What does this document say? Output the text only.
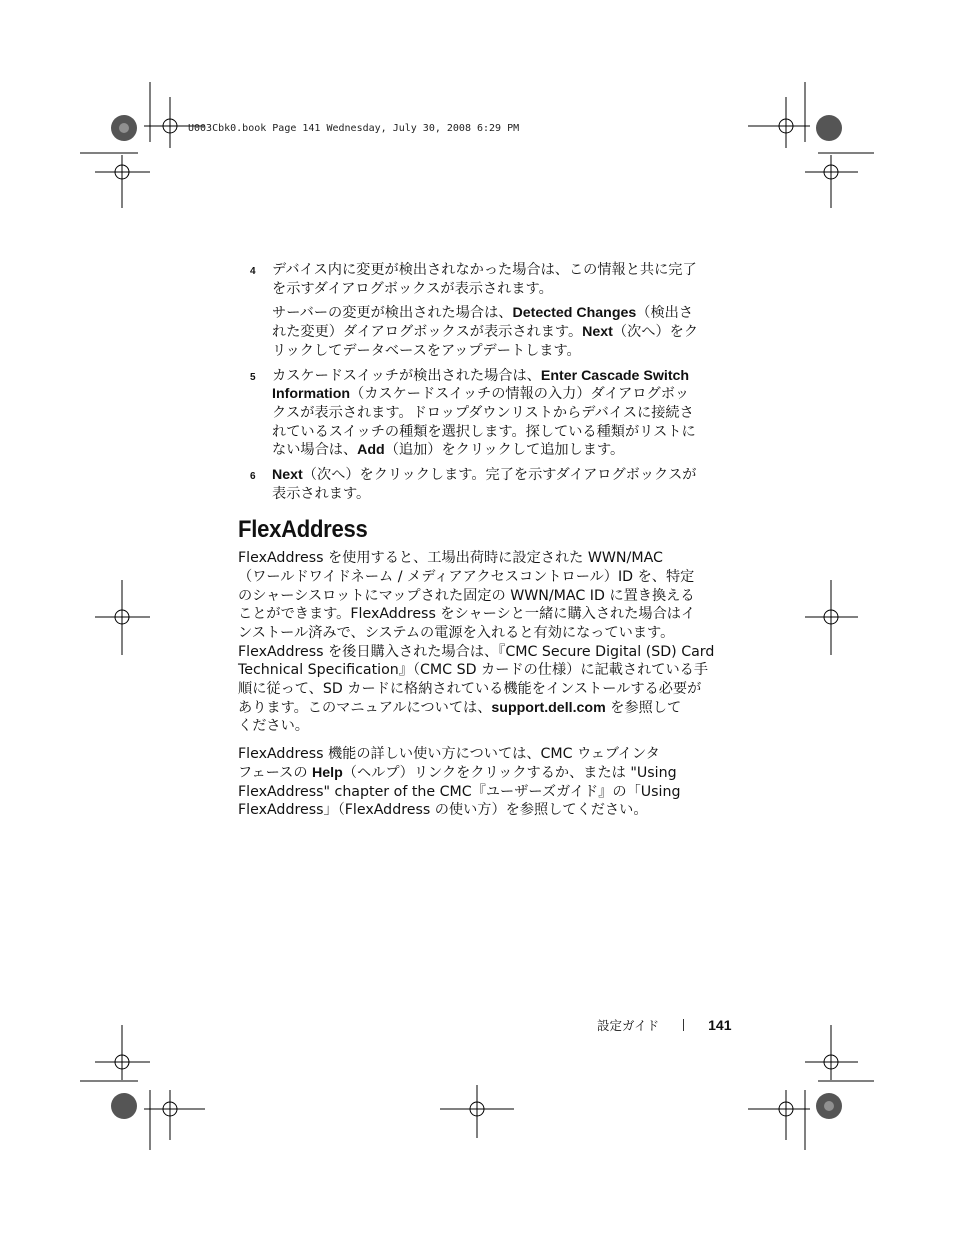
U003Cbk0.book Page 141 Wednesday, July 30, 2008 6:29 PM
4 デバイス内に変更が検出されなかった場合は、この情報と共に完了
を示すダイアログボックスが表示されます。

サーバーの変更が検出された場合は、Detected Changes（検出さ
れた変更）ダイアログボックスが表示されます。Next（次へ）をク
リックしてデータベースをアップデートします。

5 カスケードスイッチが検出された場合は、Enter Cascade Switch
Information（カスケードスイッチの情報の入力）ダイアログボッ
クスが表示されます。ドロップダウンリストからデバイスに接続さ
れているスイッチの種類を選択します。探している種類がリストに
ない場合は、Add（追加）をクリックして追加します。

6 Next（次へ）をクリックします。完了を示すダイアログボックスが
表示されます。

FlexAddress

FlexAddress を使用すると、工場出荷時に設定された WWN/MAC
（ワールドワイドネーム / メディアアクセスコントロール）ID を、特定
のシャーシスロットにマップされた固定の WWN/MAC ID に置き換える
ことができます。FlexAddress をシャーシと一緒に購入された場合はイ
ンストール済みで、システムの電源を入れると有効になっています。
FlexAddress を後日購入された場合は、『CMC Secure Digital (SD) Card
Technical Specification』（CMC SD カードの仕様）に記載されている手
順に従って、SD カードに格納されている機能をインストールする必要が
あります。このマニュアルについては、support.dell.com を参照して
ください。

FlexAddress 機能の詳しい使い方については、CMC ウェブインタ
フェースの Help（ヘルプ）リンクをクリックするか、または "Using
FlexAddress" chapter of the CMC『ユーザーズガイド』の「Using
FlexAddress」（FlexAddress の使い方）を参照してください。

設定ガイド	141
